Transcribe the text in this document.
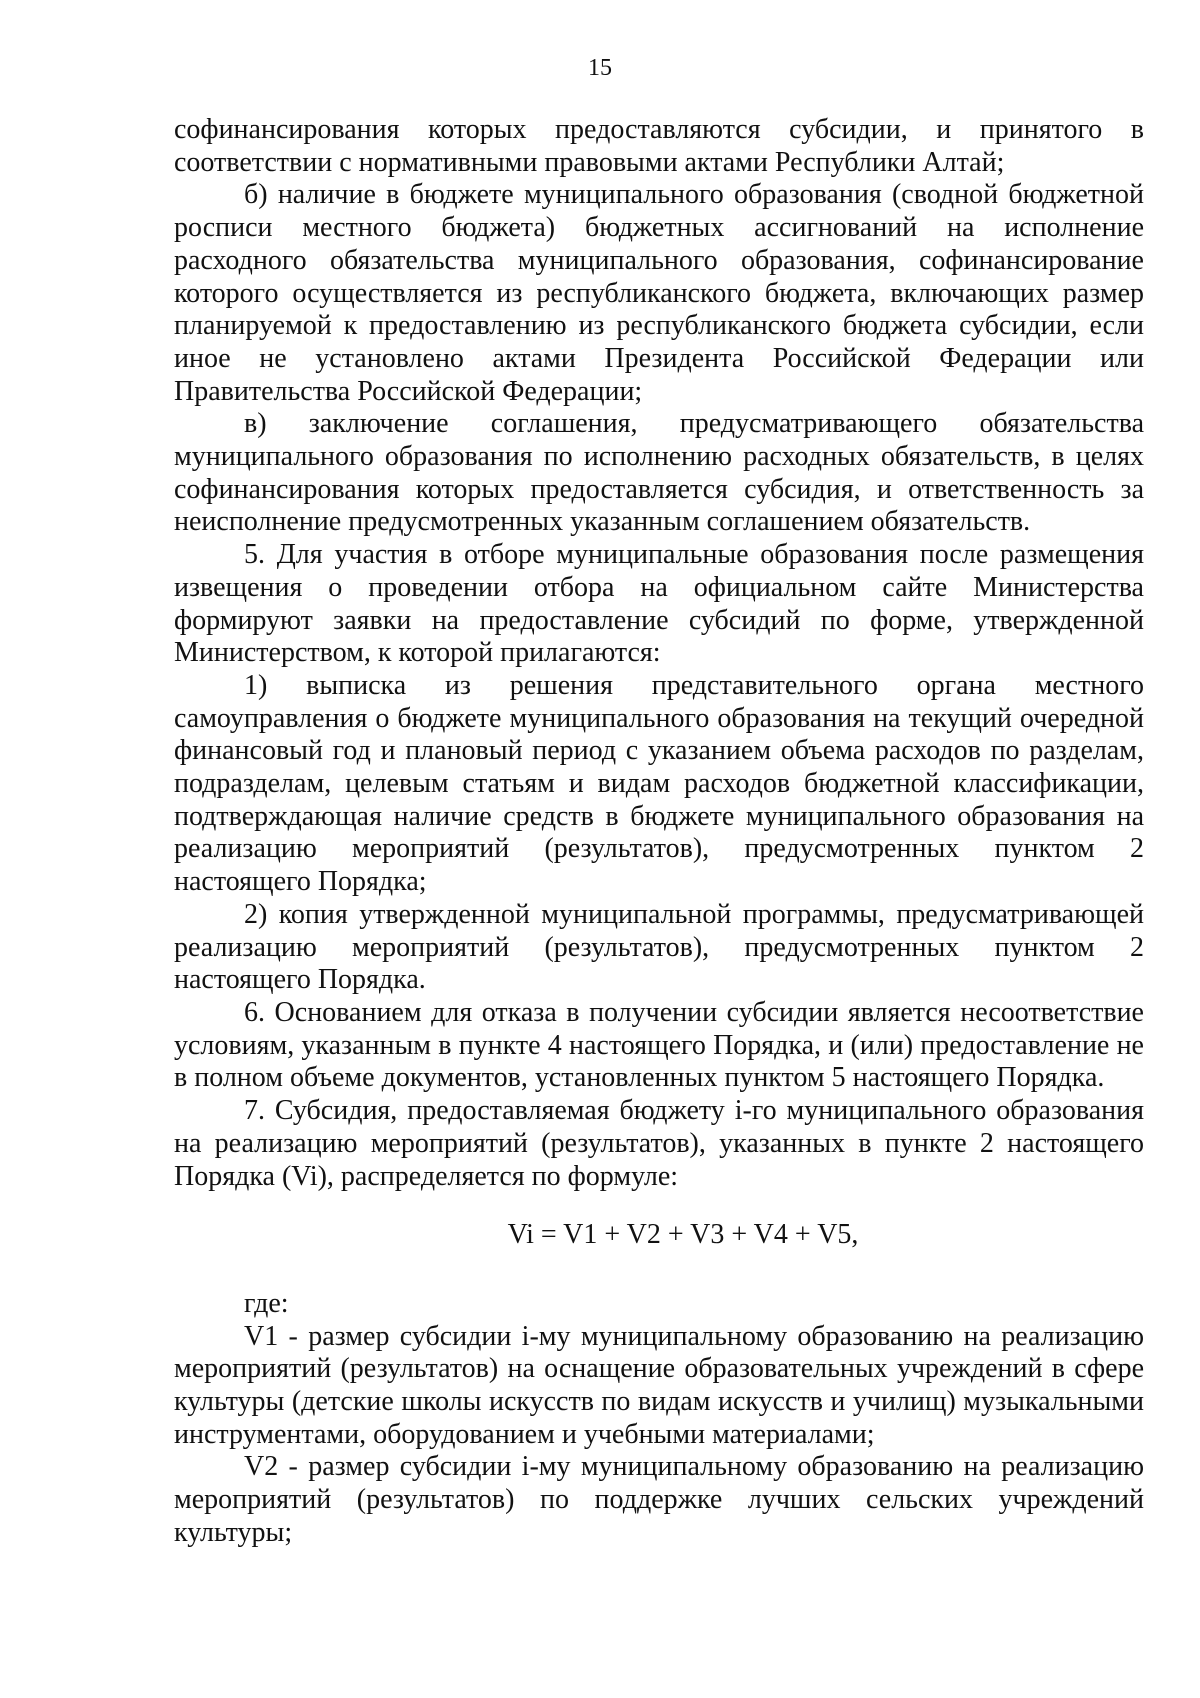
15

софинансирования которых предоставляются субсидии, и принятого в соответствии с нормативными правовыми актами Республики Алтай;

б) наличие в бюджете муниципального образования (сводной бюджетной росписи местного бюджета) бюджетных ассигнований на исполнение расходного обязательства муниципального образования, софинансирование которого осуществляется из республиканского бюджета, включающих размер планируемой к предоставлению из республиканского бюджета субсидии, если иное не установлено актами Президента Российской Федерации или Правительства Российской Федерации;

в) заключение соглашения, предусматривающего обязательства муниципального образования по исполнению расходных обязательств, в целях софинансирования которых предоставляется субсидия, и ответственность за неисполнение предусмотренных указанным соглашением обязательств.

5. Для участия в отборе муниципальные образования после размещения извещения о проведении отбора на официальном сайте Министерства формируют заявки на предоставление субсидий по форме, утвержденной Министерством, к которой прилагаются:

1) выписка из решения представительного органа местного самоуправления о бюджете муниципального образования на текущий очередной финансовый год и плановый период с указанием объема расходов по разделам, подразделам, целевым статьям и видам расходов бюджетной классификации, подтверждающая наличие средств в бюджете муниципального образования на реализацию мероприятий (результатов), предусмотренных пунктом 2 настоящего Порядка;

2) копия утвержденной муниципальной программы, предусматривающей реализацию мероприятий (результатов), предусмотренных пунктом 2 настоящего Порядка.

6. Основанием для отказа в получении субсидии является несоответствие условиям, указанным в пункте 4 настоящего Порядка, и (или) предоставление не в полном объеме документов, установленных пунктом 5 настоящего Порядка.

7. Субсидия, предоставляемая бюджету i-го муниципального образования на реализацию мероприятий (результатов), указанных в пункте 2 настоящего Порядка (Vi), распределяется по формуле:

Vi = V1 + V2 + V3 + V4 + V5,

где:

V1 - размер субсидии i-му муниципальному образованию на реализацию мероприятий (результатов) на оснащение образовательных учреждений в сфере культуры (детские школы искусств по видам искусств и училищ) музыкальными инструментами, оборудованием и учебными материалами;

V2 - размер субсидии i-му муниципальному образованию на реализацию мероприятий (результатов) по поддержке лучших сельских учреждений культуры;
